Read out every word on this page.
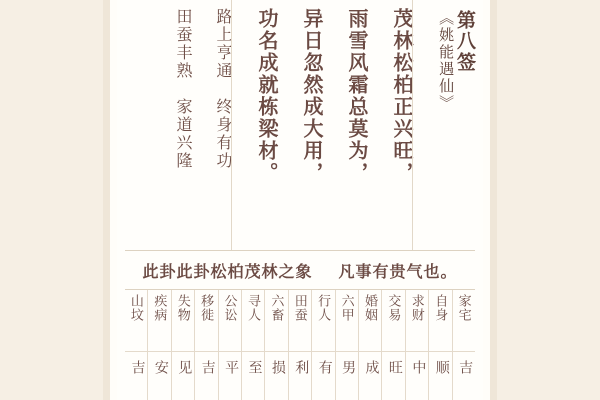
第八签
《姚能遇仙》
茂林松柏正兴旺，
雨雪风霜总莫为，
异日忽然成大用，
功名成就栋梁材。
路上亨通　终身有功
田蚕丰熟　家道兴隆
此卦此卦松柏茂林之象 凡事有贵气也。
家宅
吉
自身
顺
求财
中
交易
旺
婚姻
成
六甲
男
行人
有
田蚕
利
六畜
损
寻人
至
公讼
平
移徙
吉
失物
见
疾病
安
山坟
吉
